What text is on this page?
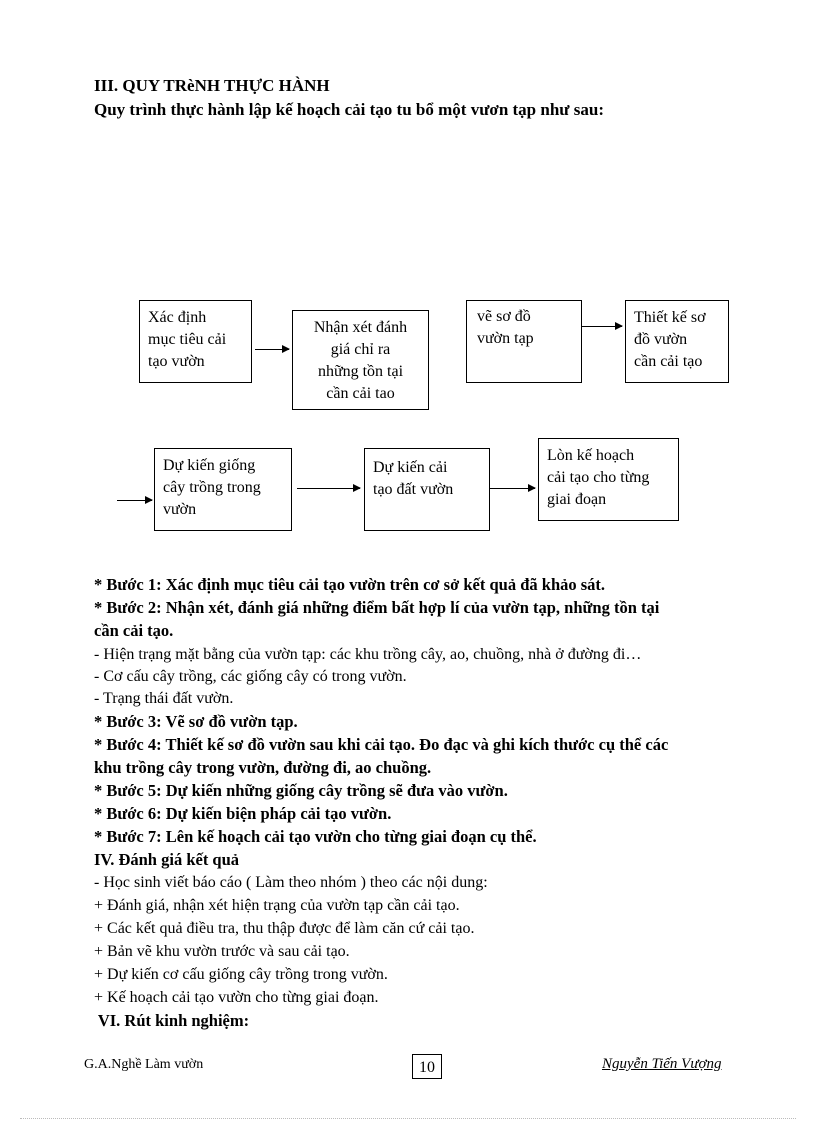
III. QUY TRèNH THỰC HÀNH
Quy trình thực hành lập kế hoạch cải tạo tu bổ một vươn tạp như sau:
Xác định
mục tiêu cải
tạo vườn
Nhận xét đánh
giá chỉ ra
những tồn tại
cần cải tao
vẽ sơ đồ
vườn tạp
Thiết kế sơ
đồ vườn
cần cải tạo
Dự kiến giống
cây trồng trong
vườn
Dự kiến cải
tạo đất vườn
Lòn kế hoạch
cải tạo cho từng
giai đoạn
* Bước 1: Xác định mục tiêu cải tạo vườn trên cơ sở kết quả đã khảo sát.
* Bước 2: Nhận xét, đánh giá những điểm bất hợp lí của vườn tạp, những tồn tại
cần cải tạo.
- Hiện trạng mặt bằng của vườn tạp: các khu trồng cây, ao, chuồng, nhà ở đường đi…
- Cơ cấu cây trồng, các giống cây có trong vườn.
- Trạng thái đất vườn.
* Bước 3: Vẽ sơ đồ vườn tạp.
* Bước 4: Thiết kế sơ đồ vườn sau khi cải tạo. Đo đạc và ghi kích thước cụ thể các
khu trồng cây trong vườn, đường đi, ao chuồng.
* Bước 5: Dự kiến những giống cây trồng sẽ đưa vào vườn.
* Bước 6: Dự kiến biện pháp cải tạo vườn.
* Bước 7: Lên kế hoạch cải tạo vườn cho từng giai đoạn cụ thể.
IV. Đánh giá kết quả
- Học sinh viết báo cáo ( Làm theo nhóm ) theo các nội dung:
+ Đánh giá, nhận xét hiện trạng của vườn tạp cần cải tạo.
+ Các kết quả điều tra, thu thập được để làm căn cứ cải tạo.
+ Bản vẽ khu vườn trước và sau cải tạo.
+ Dự kiến cơ cấu giống cây trồng trong vườn.
+ Kế hoạch cải tạo vườn cho từng giai đoạn.
VI. Rút kinh nghiệm:
G.A.Nghề Làm vườn	10	Nguyễn Tiến Vượng
